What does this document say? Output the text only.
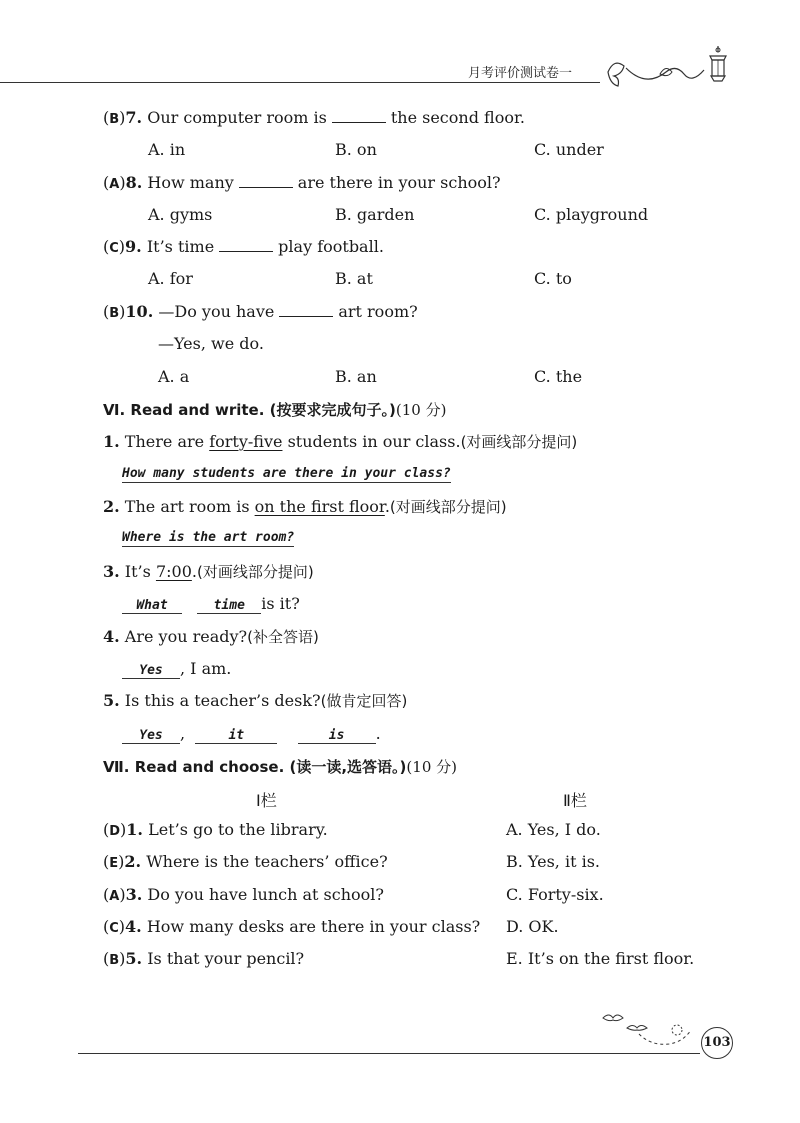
月考评价测试卷一
(B)7. Our computer room is	the second floor.
A. in	B. on	C. under
(A)8. How many	are there in your school?
A. gyms	B. garden	C. playground
(C)9. It’s time	play football.
A. for	B. at	C. to
(B)10. —Do you have	art room?
—Yes, we do.
A. a	B. an	C. the
Ⅵ. Read and write. (按要求完成句子。)(10 分)
1. There are forty-five students in our class.(对画线部分提问)
How many students are there in your class?
2. The art room is on the first floor.(对画线部分提问)
Where is the art room?
3. It’s 7:00.(对画线部分提问)
What	time is it?
4. Are you ready?(补全答语)
Yes , I am.
5. Is this a teacher’s desk?(做肯定回答)
Yes ,	it	is .
Ⅶ. Read and choose. (读一读,选答语。)(10 分)
Ⅰ栏	Ⅱ栏
(D)1. Let’s go to the library.	A. Yes, I do.
(E)2. Where is the teachers’ office?	B. Yes, it is.
(A)3. Do you have lunch at school?	C. Forty-six.
(C)4. How many desks are there in your class? D. OK.
(B)5. Is that your pencil?	E. It’s on the first floor.
103
